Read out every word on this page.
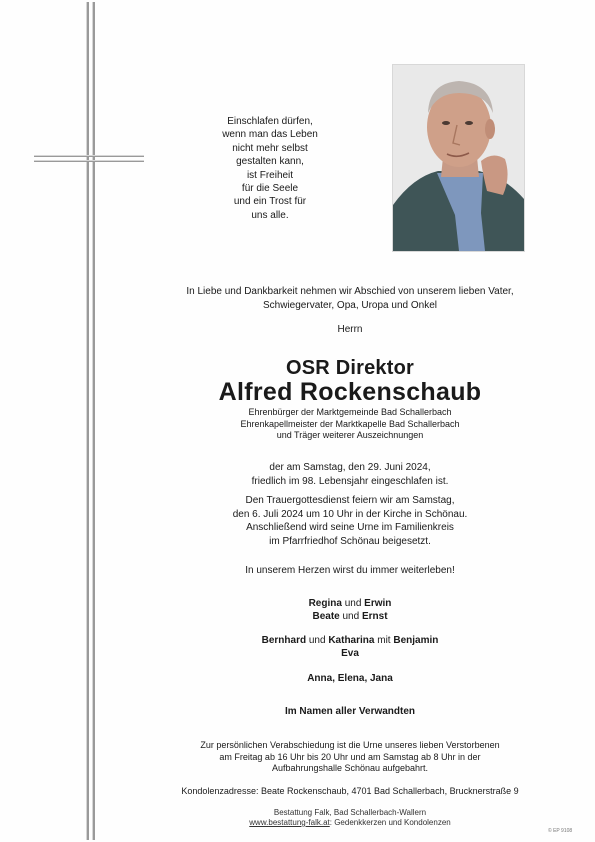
Einschlafen dürfen,
wenn man das Leben
nicht mehr selbst
gestalten kann,
ist Freiheit
für die Seele
und ein Trost für
uns alle.
In Liebe und Dankbarkeit nehmen wir Abschied von unserem lieben Vater,
Schwiegervater, Opa, Uropa und Onkel
Herrn
OSR Direktor
Alfred Rockenschaub
Ehrenbürger der Marktgemeinde Bad Schallerbach
Ehrenkapellmeister der Marktkapelle Bad Schallerbach
und Träger weiterer Auszeichnungen
der am Samstag, den 29. Juni 2024,
friedlich im 98. Lebensjahr eingeschlafen ist.
Den Trauergottesdienst feiern wir am Samstag,
den 6. Juli 2024 um 10 Uhr in der Kirche in Schönau.
Anschließend wird seine Urne im Familienkreis
im Pfarrfriedhof Schönau beigesetzt.
In unserem Herzen wirst du immer weiterleben!
Regina und Erwin
Beate und Ernst
Bernhard und Katharina mit Benjamin
Eva
Anna, Elena, Jana
Im Namen aller Verwandten
Zur persönlichen Verabschiedung ist die Urne unseres lieben Verstorbenen
am Freitag ab 16 Uhr bis 20 Uhr und am Samstag ab 8 Uhr in der
Aufbahrungshalle Schönau aufgebahrt.
Kondolenzadresse: Beate Rockenschaub, 4701 Bad Schallerbach, Brucknerstraße 9
Bestattung Falk, Bad Schallerbach-Wallern
www.bestattung-falk.at: Gedenkkerzen und Kondolenzen
© EP 9108
